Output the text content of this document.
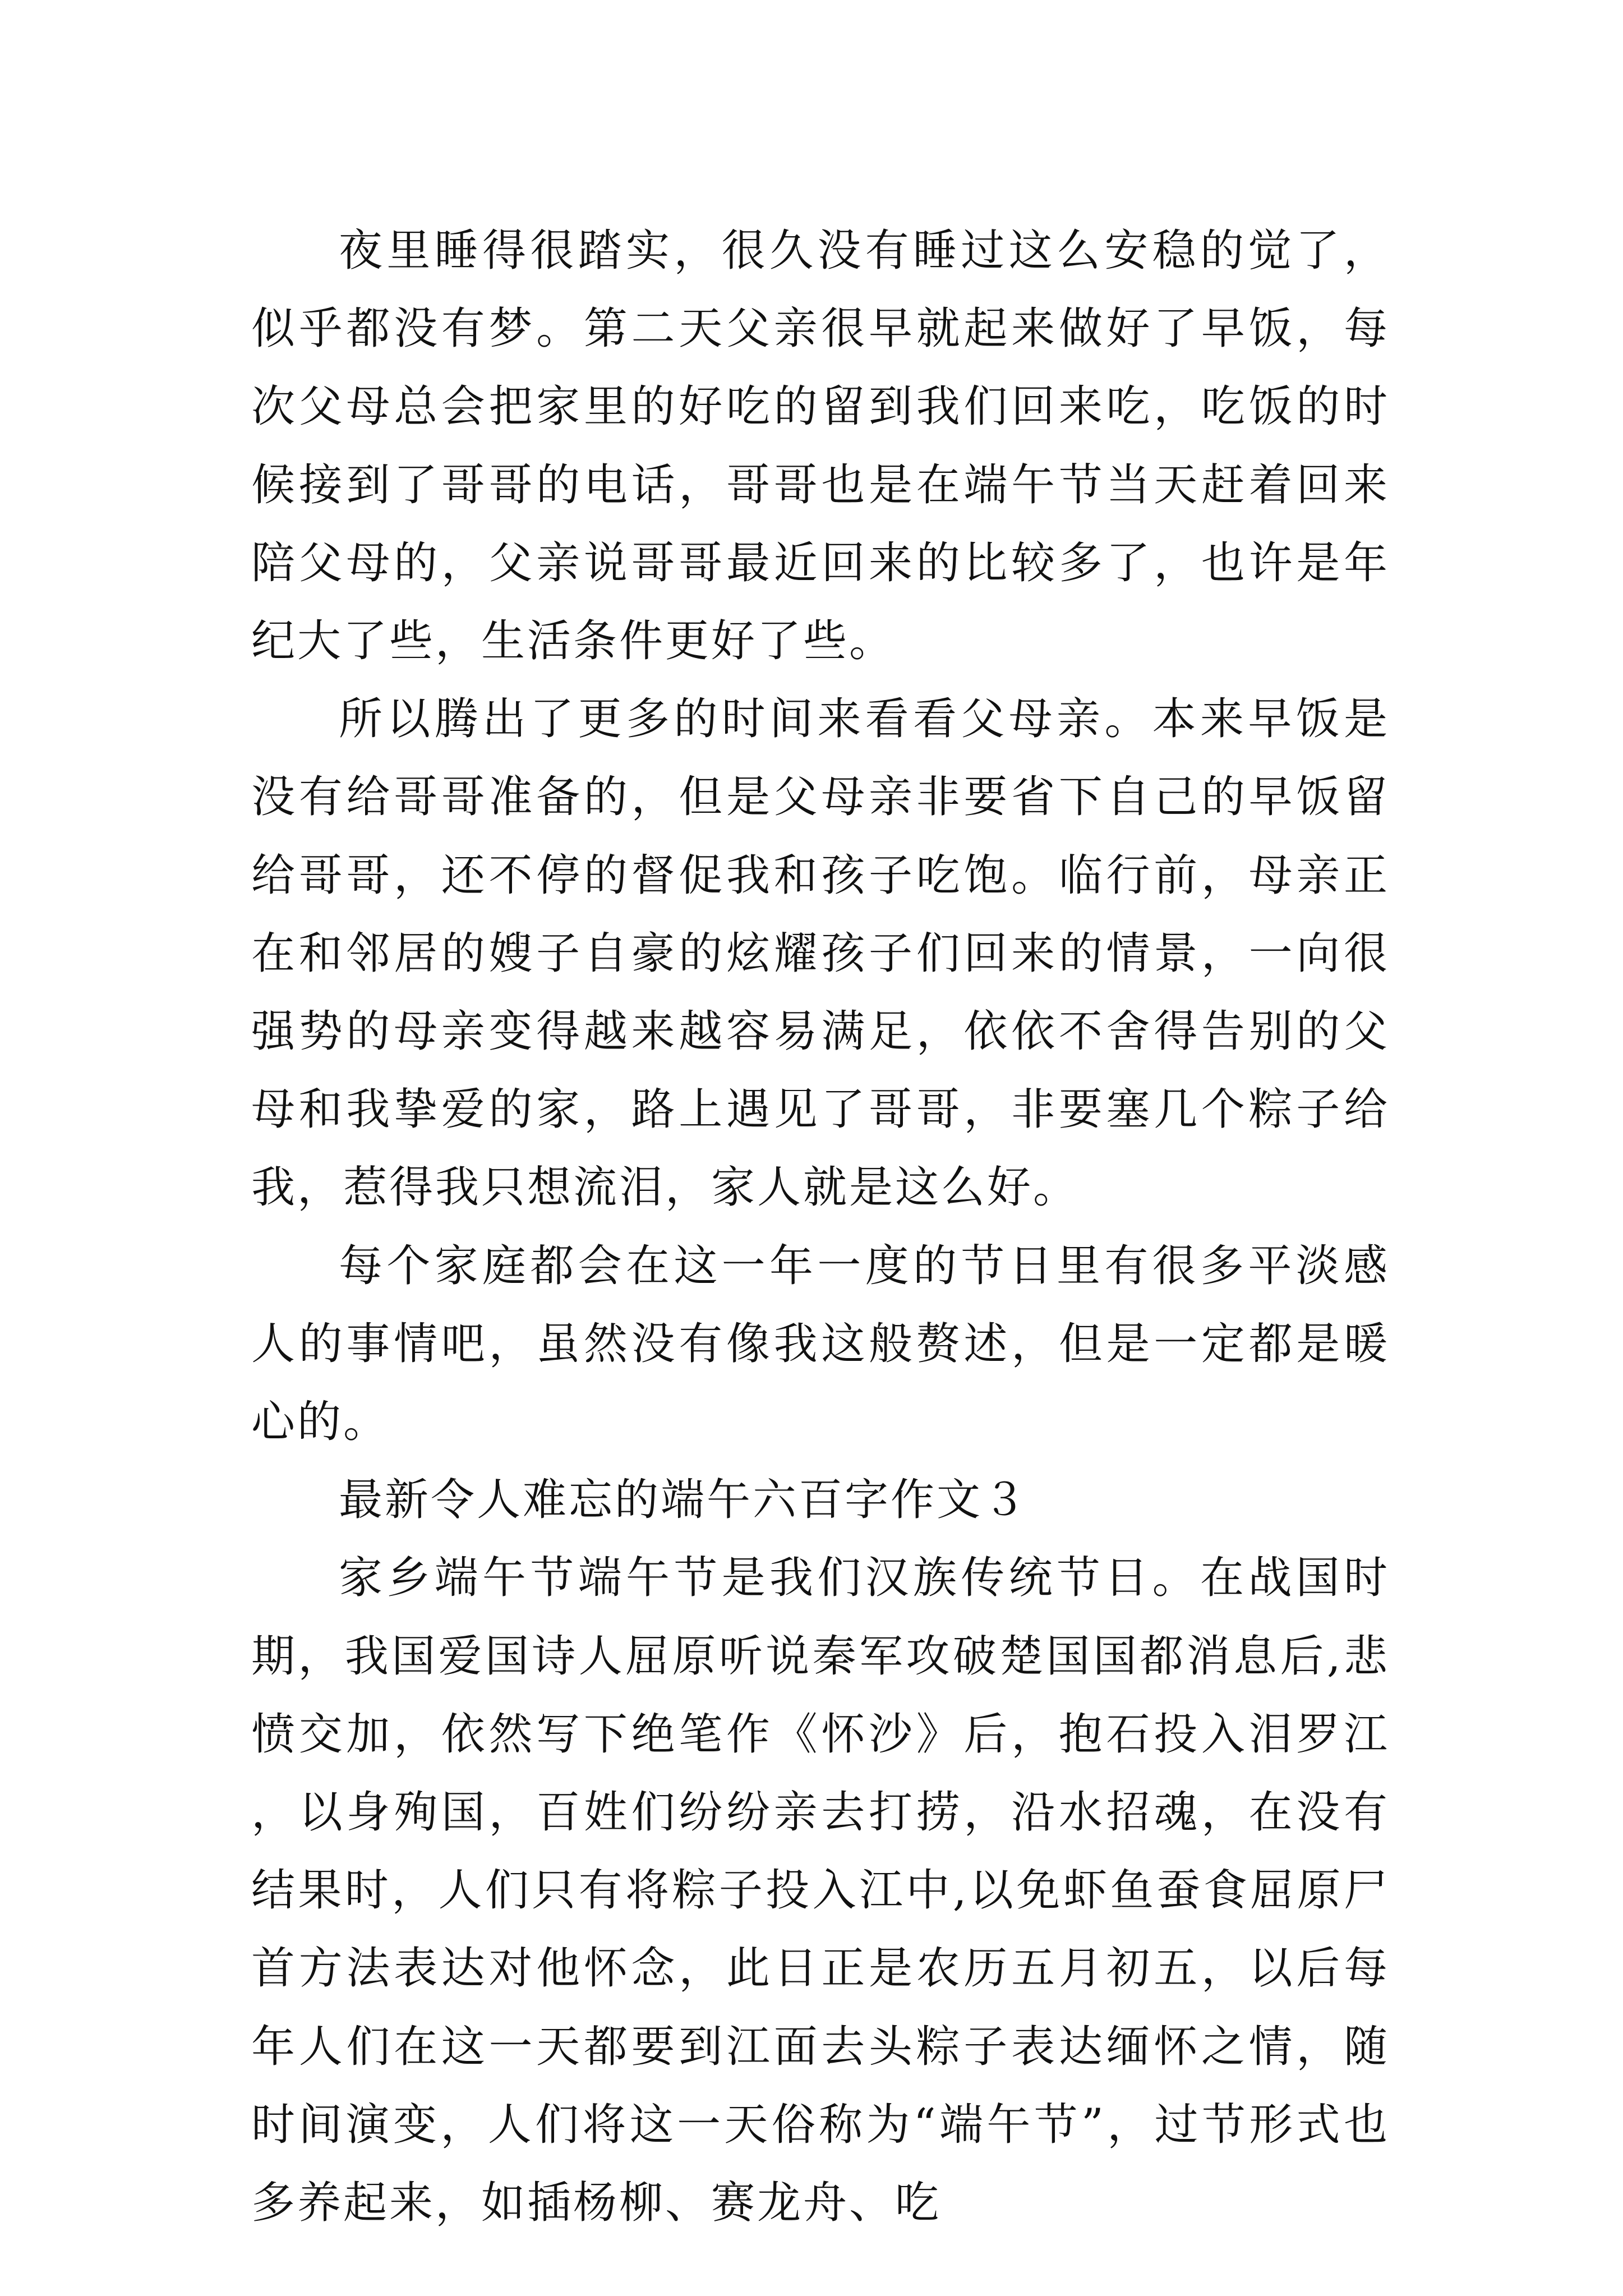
夜里睡得很踏实，很久没有睡过这么安稳的觉了，似乎都没有梦。第二天父亲很早就起来做好了早饭，每次父母总会把家里的好吃的留到我们回来吃，吃饭的时候接到了哥哥的电话，哥哥也是在端午节当天赶着回来陪父母的，父亲说哥哥最近回来的比较多了，也许是年纪大了些，生活条件更好了些。

所以腾出了更多的时间来看看父母亲。本来早饭是没有给哥哥准备的，但是父母亲非要省下自己的早饭留给哥哥，还不停的督促我和孩子吃饱。临行前，母亲正在和邻居的嫂子自豪的炫耀孩子们回来的情景，一向很强势的母亲变得越来越容易满足，依依不舍得告别的父母和我挚爱的家，路上遇见了哥哥，非要塞几个粽子给我，惹得我只想流泪，家人就是这么好。

每个家庭都会在这一年一度的节日里有很多平淡感人的事情吧，虽然没有像我这般赘述，但是一定都是暖心的。

最新令人难忘的端午六百字作文３

家乡端午节端午节是我们汉族传统节日。在战国时期，我国爱国诗人屈原听说秦军攻破楚国国都消息后,悲愤交加，依然写下绝笔作《怀沙》后，抱石投入泪罗江，以身殉国，百姓们纷纷亲去打捞，沿水招魂，在没有结果时，人们只有将粽子投入江中,以免虾鱼蚕食屈原尸首方法表达对他怀念，此日正是农历五月初五，以后每年人们在这一天都要到江面去头粽子表达缅怀之情，随时间演变，人们将这一天俗称为“端午节”，过节形式也多养起来，如插杨柳、赛龙舟、吃
